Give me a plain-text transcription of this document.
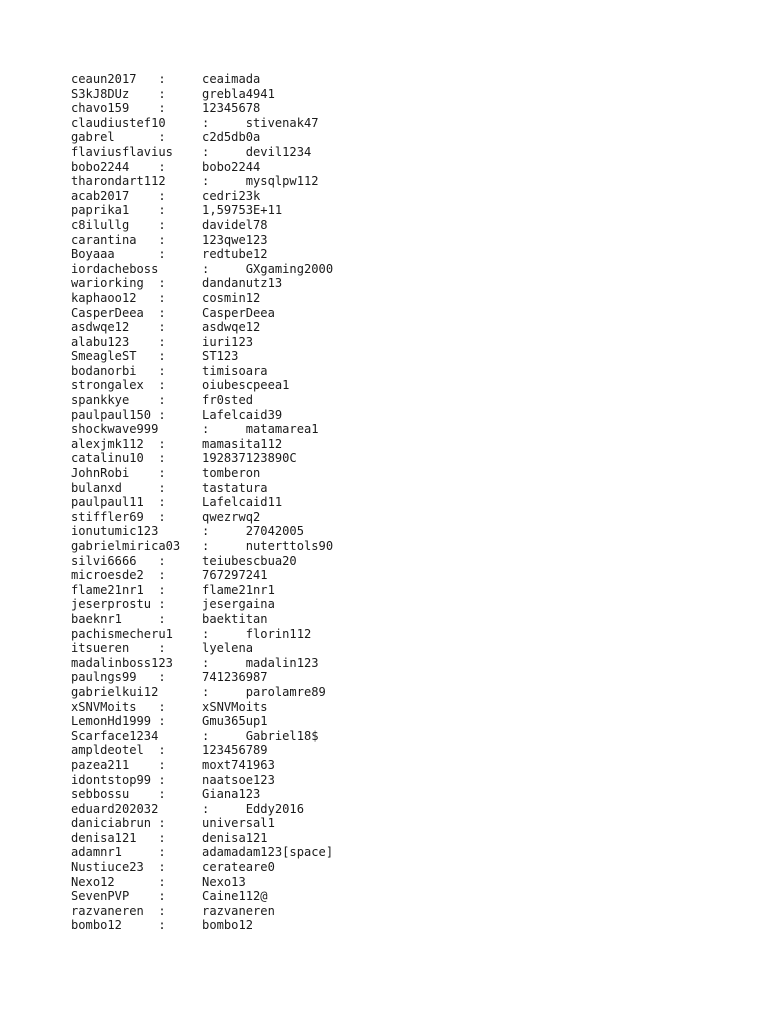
ceaun2017   :     ceaimada
S3kJ8DUz    :     grebla4941
chavo159    :     12345678
claudiustef10     :     stivenak47
gabrel      :     c2d5db0a
flaviusflavius    :     devil1234
bobo2244    :     bobo2244
tharondart112     :     mysqlpw112
acab2017    :     cedri23k
paprika1    :     1,59753E+11
c8ilullg    :     davidel78
carantina   :     123qwe123
Boyaaa      :     redtube12
iordacheboss      :     GXgaming2000
wariorking  :     dandanutz13
kaphaoo12   :     cosmin12
CasperDeea  :     CasperDeea
asdwqe12    :     asdwqe12
alabu123    :     iuri123
SmeagleST   :     ST123
bodanorbi   :     timisoara
strongalex  :     oiubescpeea1
spankkye    :     fr0sted
paulpaul150 :     Lafelcaid39
shockwave999      :     matamarea1
alexjmk112  :     mamasita112
catalinu10  :     192837123890C
JohnRobi    :     tomberon
bulanxd     :     tastatura
paulpaul11  :     Lafelcaid11
stiffler69  :     qwezrwq2
ionutumic123      :     27042005
gabrielmirica03   :     nuterttols90
silvi6666   :     teiubescbua20
microesde2  :     767297241
flame21nr1  :     flame21nr1
jeserprostu :     jesergaina
baeknr1     :     baektitan
pachismecheru1    :     florin112
itsueren    :     lyelena
madalinboss123    :     madalin123
paulngs99   :     741236987
gabrielkui12      :     parolamre89
xSNVMoits   :     xSNVMoits
LemonHd1999 :     Gmu365up1
Scarface1234      :     Gabriel18$
ampldeotel  :     123456789
pazea211    :     moxt741963
idontstop99 :     naatsoe123
sebbossu    :     Giana123
eduard202032      :     Eddy2016
daniciabrun :     universal1
denisa121   :     denisa121
adamnr1     :     adamadam123[space]
Nustiuce23  :     cerateare0
Nexo12      :     Nexo13
SevenPVP    :     Caine112@
razvaneren  :     razvaneren
bombo12     :     bombo12
